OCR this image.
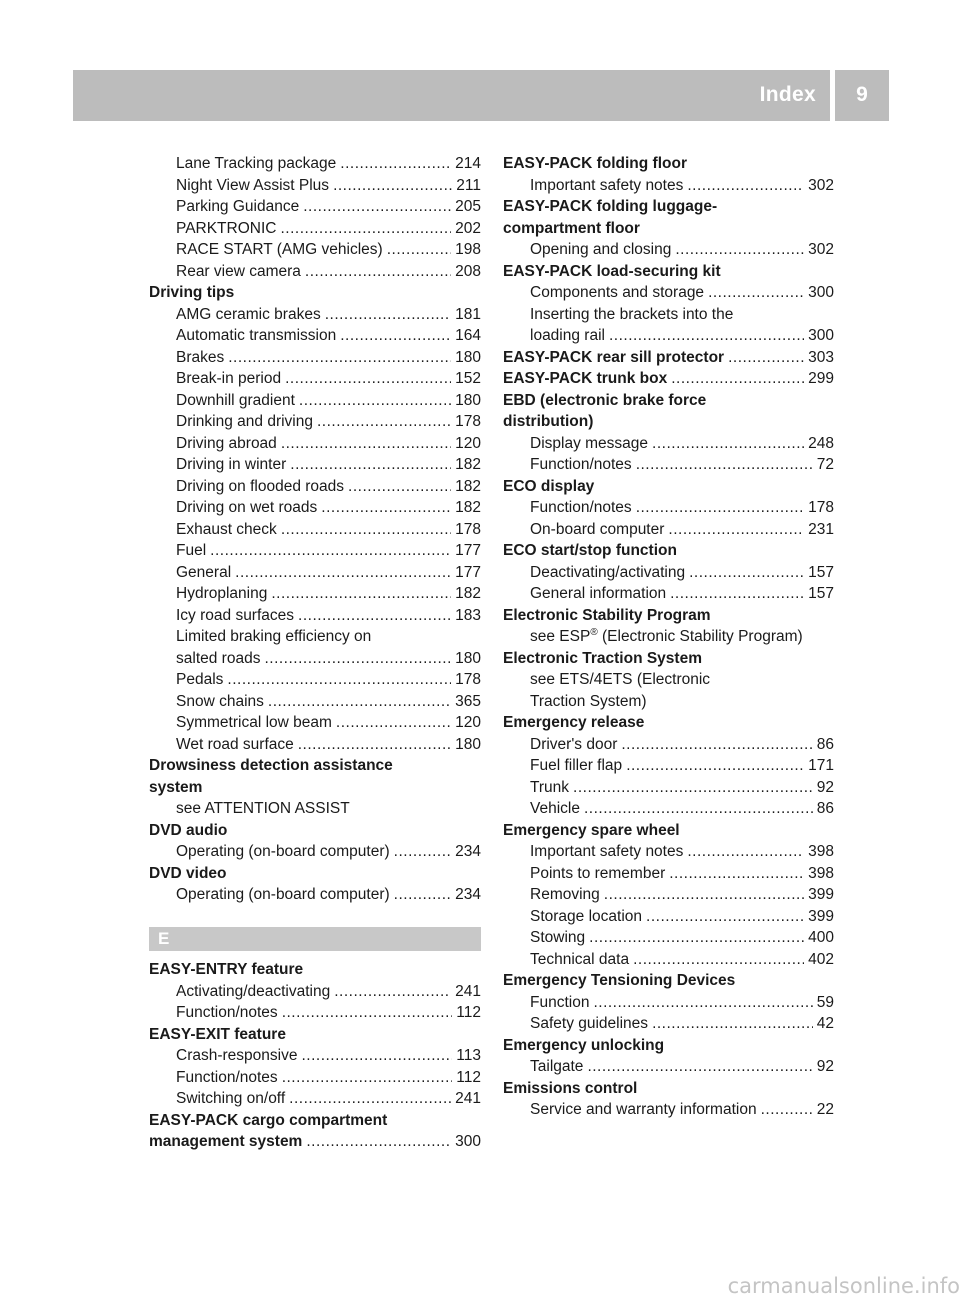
Index	9
Lane Tracking package .....	214
Night View Assist Plus .....	211
Parking Guidance .....	205
PARKTRONIC .....	202
RACE START (AMG vehicles) .....	198
Rear view camera .....	208
Driving tips
AMG ceramic brakes .....	181
Automatic transmission .....	164
Brakes .....	180
Break-in period .....	152
Downhill gradient .....	180
Drinking and driving .....	178
Driving abroad .....	120
Driving in winter .....	182
Driving on flooded roads .....	182
Driving on wet roads .....	182
Exhaust check .....	178
Fuel .....	177
General .....	177
Hydroplaning .....	182
Icy road surfaces .....	183
Limited braking efficiency on
salted roads .....	180
Pedals .....	178
Snow chains .....	365
Symmetrical low beam .....	120
Wet road surface .....	180
Drowsiness detection assistance
system
see ATTENTION ASSIST
DVD audio
Operating (on-board computer) .....	234
DVD video
Operating (on-board computer) .....	234
E
EASY-ENTRY feature
Activating/deactivating .....	241
Function/notes .....	112
EASY-EXIT feature
Crash-responsive .....	113
Function/notes .....	112
Switching on/off .....	241
EASY-PACK cargo compartment
management system .....	300
EASY-PACK folding floor
Important safety notes .....	302
EASY-PACK folding luggage-
compartment floor
Opening and closing .....	302
EASY-PACK load-securing kit
Components and storage .....	300
Inserting the brackets into the
loading rail .....	300
EASY-PACK rear sill protector .....	303
EASY-PACK trunk box .....	299
EBD (electronic brake force
distribution)
Display message .....	248
Function/notes .....	72
ECO display
Function/notes .....	178
On-board computer .....	231
ECO start/stop function
Deactivating/activating .....	157
General information .....	157
Electronic Stability Program
see ESP® (Electronic Stability Program)
Electronic Traction System
see ETS/4ETS (Electronic
Traction System)
Emergency release
Driver's door .....	86
Fuel filler flap .....	171
Trunk .....	92
Vehicle .....	86
Emergency spare wheel
Important safety notes .....	398
Points to remember .....	398
Removing .....	399
Storage location .....	399
Stowing .....	400
Technical data .....	402
Emergency Tensioning Devices
Function .....	59
Safety guidelines .....	42
Emergency unlocking
Tailgate .....	92
Emissions control
Service and warranty information .....	22
carmanualsonline.info
